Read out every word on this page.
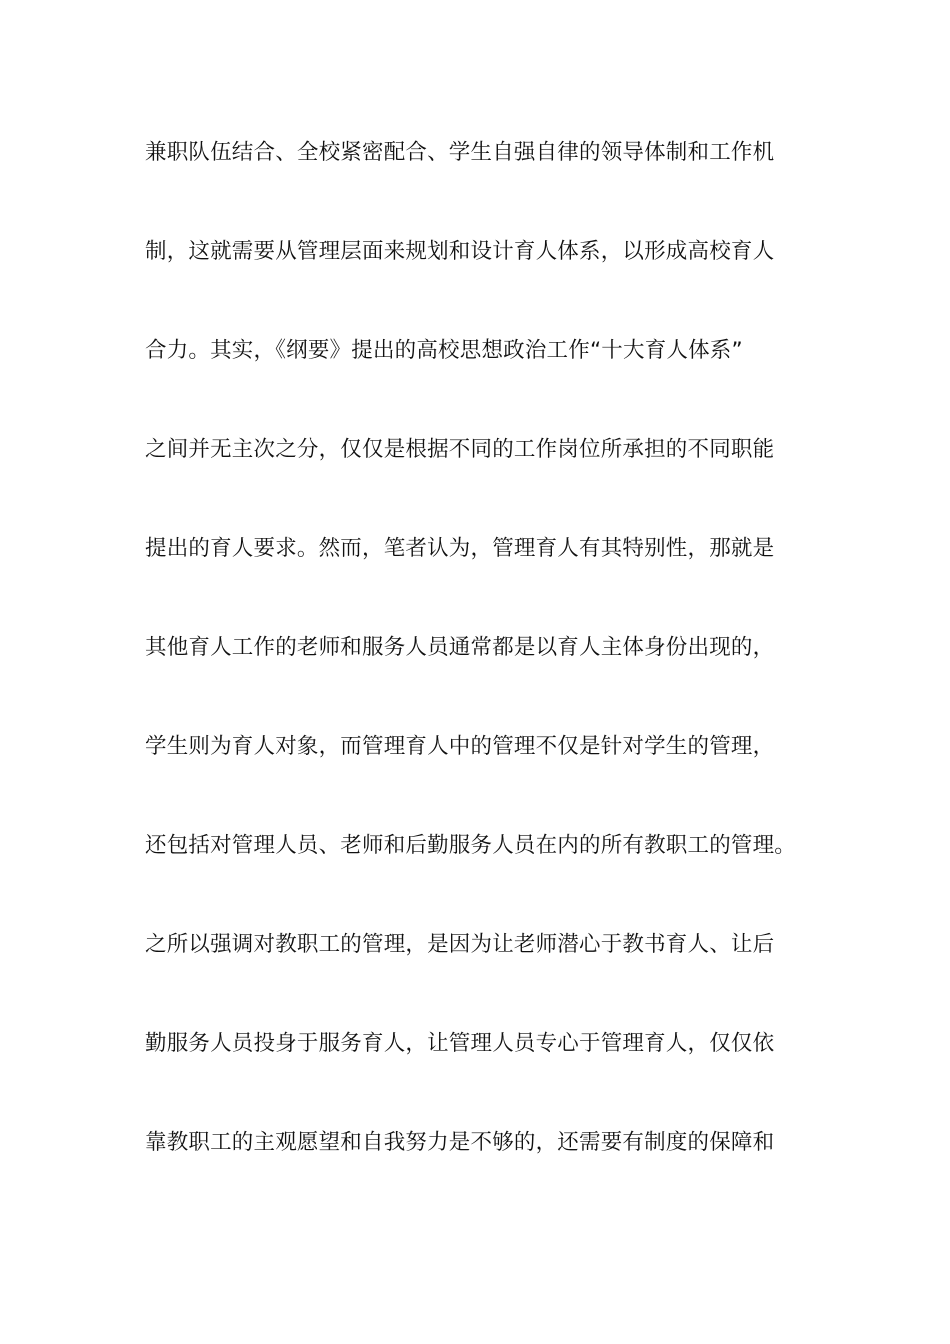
兼职队伍结合、全校紧密配合、学生自强自律的领导体制和工作机
制，这就需要从管理层面来规划和设计育人体系，以形成高校育人
合力。其实，《纲要》提出的高校思想政治工作“十大育人体系”
之间并无主次之分，仅仅是根据不同的工作岗位所承担的不同职能
提出的育人要求。然而，笔者认为，管理育人有其特别性，那就是
其他育人工作的老师和服务人员通常都是以育人主体身份出现的，
学生则为育人对象，而管理育人中的管理不仅是针对学生的管理，
还包括对管理人员、老师和后勤服务人员在内的所有教职工的管理。
之所以强调对教职工的管理，是因为让老师潜心于教书育人、让后
勤服务人员投身于服务育人，让管理人员专心于管理育人，仅仅依
靠教职工的主观愿望和自我努力是不够的，还需要有制度的保障和
